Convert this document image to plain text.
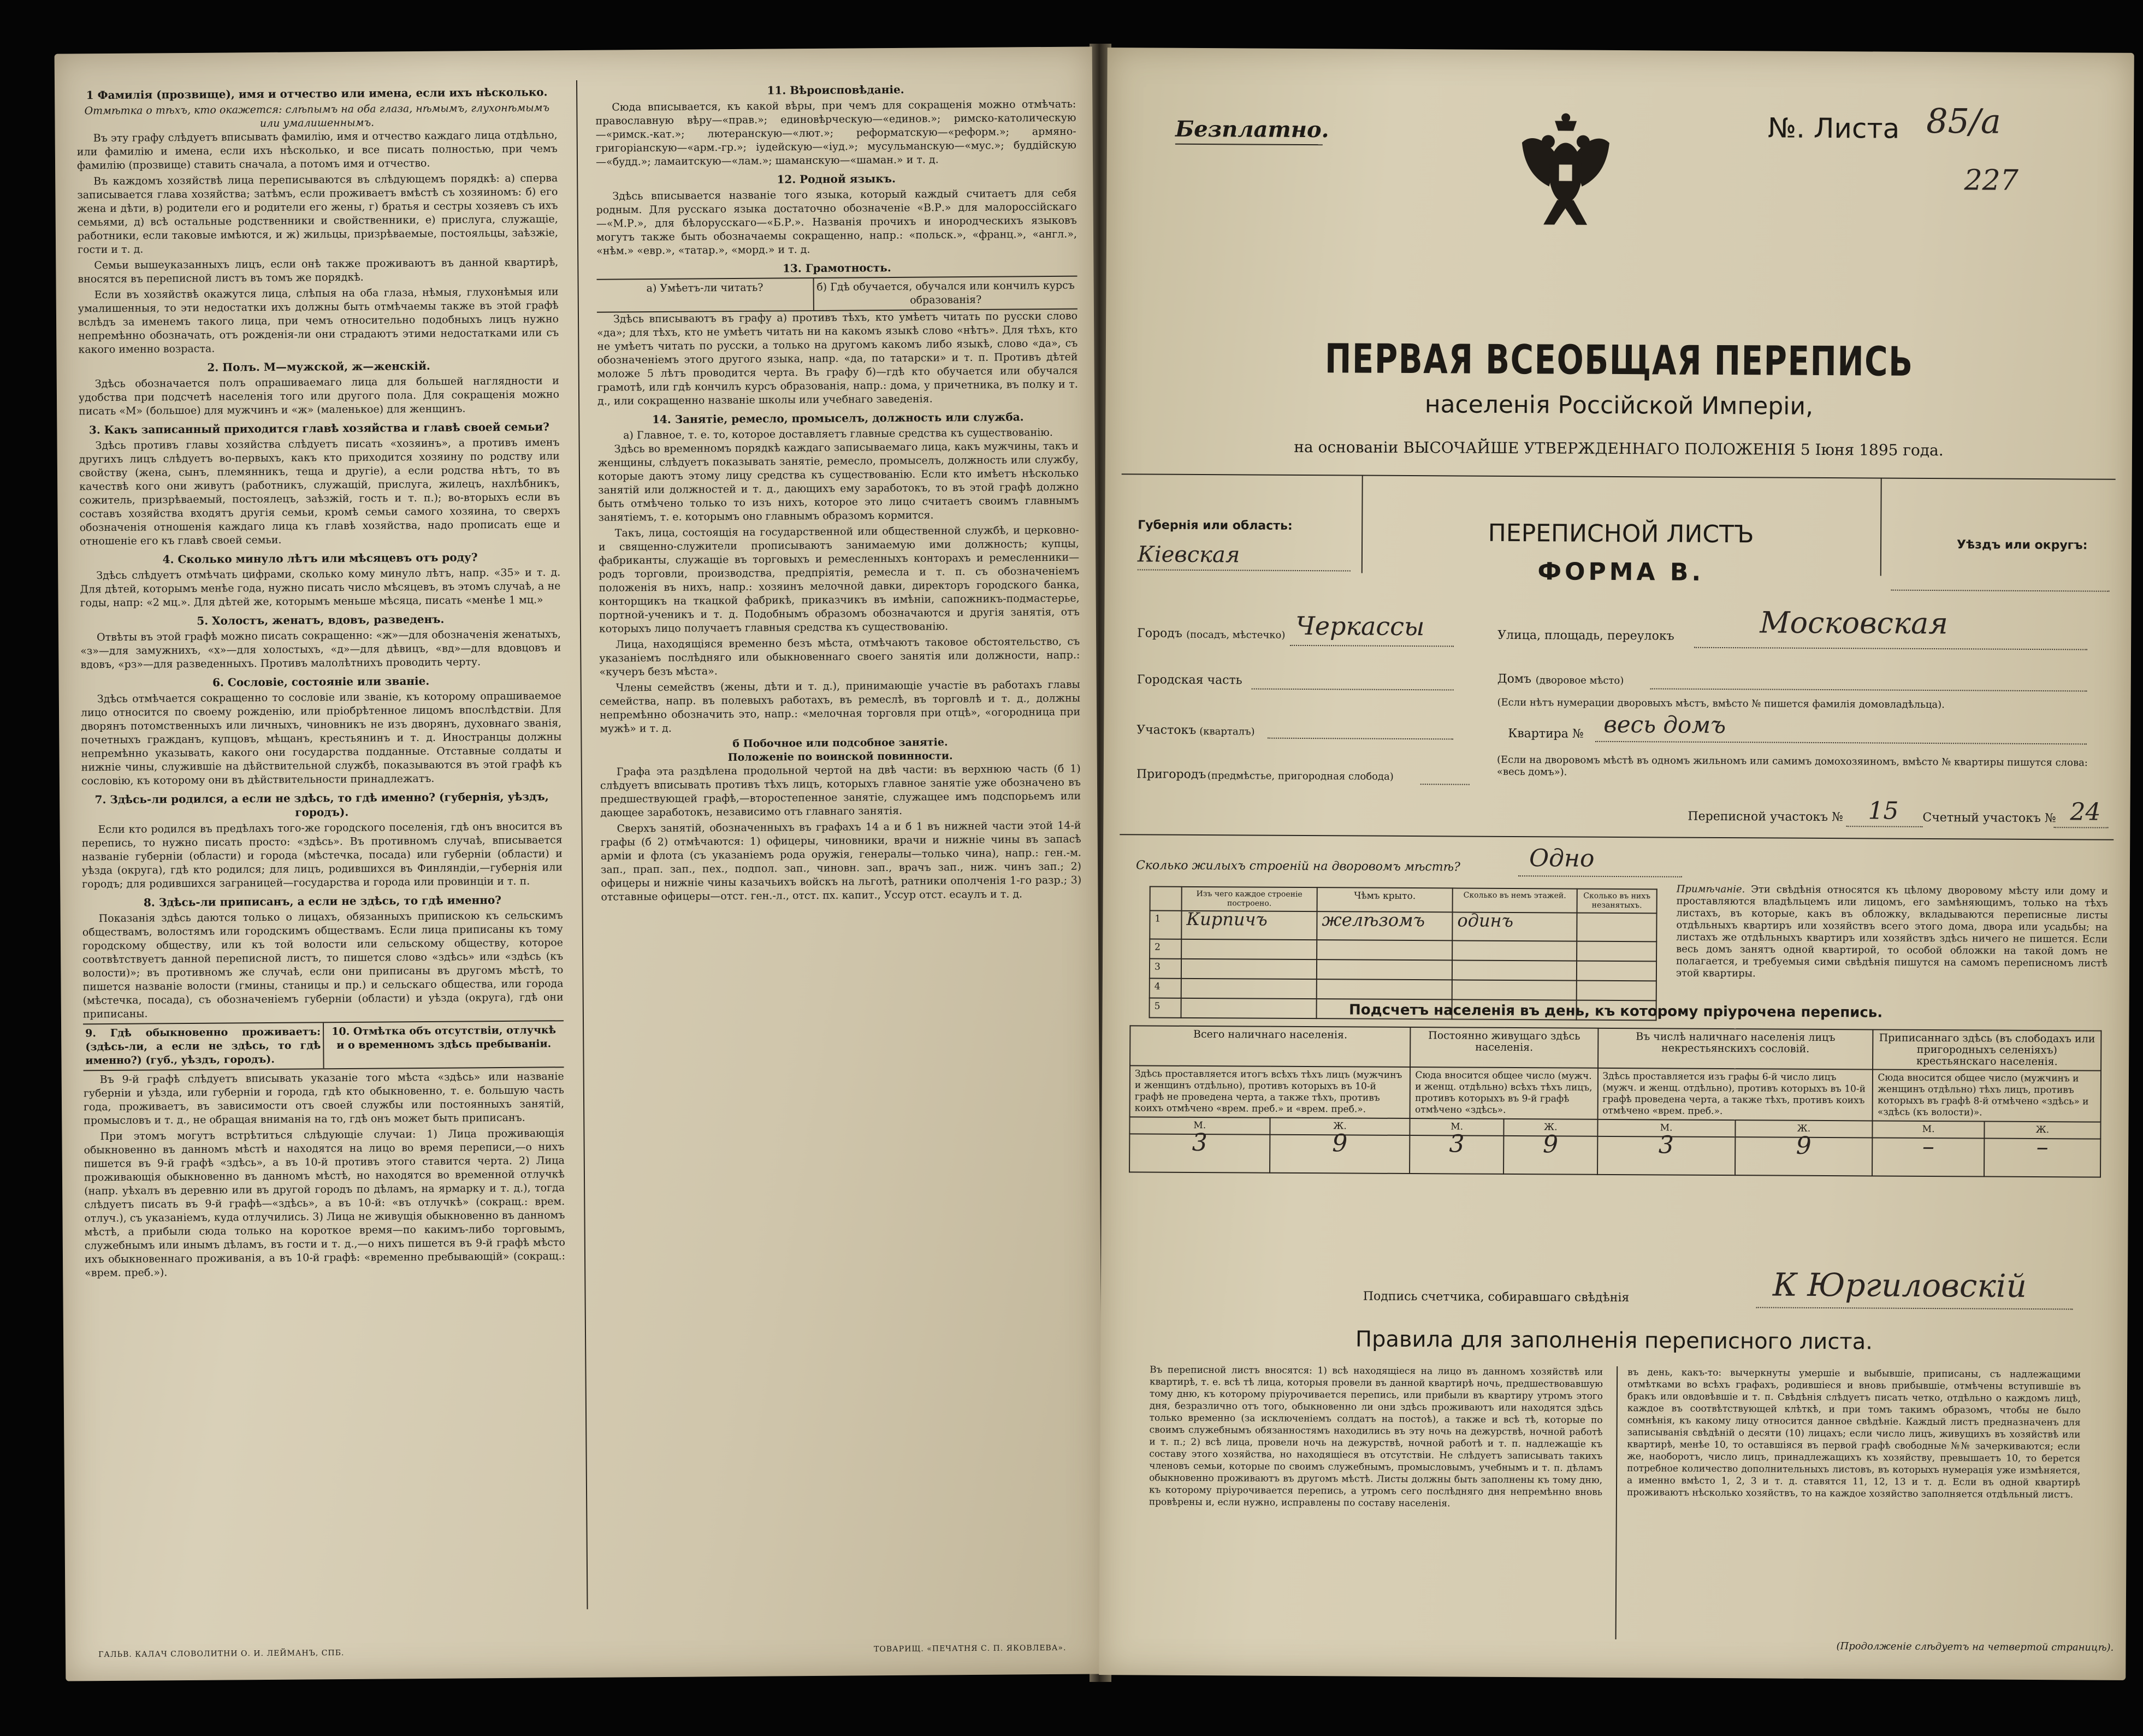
1 Фамилія (прозвище), имя и отчество или имена, если ихъ нѣсколько.
Отмѣтка о тѣхъ, кто окажется: слѣпымъ на оба глаза, нѣмымъ, глухонѣмымъ или умалишеннымъ.

Въ эту графу слѣдуетъ вписывать фамилію, имя и отчество каждаго лица отдѣльно, или фамилію и имена, если ихъ нѣсколько, и все писать полностью, при чемъ фамилію (прозвище) ставить сначала, а потомъ имя и отчество.

Въ каждомъ хозяйствѣ лица переписываются въ слѣдующемъ порядкѣ: а) сперва записывается глава хозяйства; затѣмъ, если проживаетъ вмѣстѣ съ хозяиномъ: б) его жена и дѣти, в) родители его и родители его жены, г) братья и сестры хозяевъ съ ихъ семьями, д) всѣ остальные родственники и свойственники, е) прислуга, служащіе, работники, если таковые имѣются, и ж) жильцы, призрѣваемые, постояльцы, заѣзжіе, гости и т. д.

Семьи вышеуказанныхъ лицъ, если онѣ также проживаютъ въ данной квартирѣ, вносятся въ переписной листъ въ томъ же порядкѣ.

Если въ хозяйствѣ окажутся лица, слѣпыя на оба глаза, нѣмыя, глухонѣмыя или умалишенныя, то эти недостатки ихъ должны быть отмѣчаемы также въ этой графѣ вслѣдъ за именемъ такого лица, при чемъ относительно подобныхъ лицъ нужно непремѣнно обозначать, отъ рожденія-ли они страдаютъ этими недостатками или съ какого именно возраста.

2. Полъ. М—мужской, ж—женскій.

Здѣсь обозначается полъ опрашиваемаго лица для большей наглядности и удобства при подсчетѣ населенія того или другого пола. Для сокращенія можно писать «М» (большое) для мужчинъ и «ж» (маленькое) для женщинъ.

3. Какъ записанный приходится главѣ хозяйства и главѣ своей семьи?

Здѣсь противъ главы хозяйства слѣдуетъ писать «хозяинъ», а противъ именъ другихъ лицъ слѣдуетъ во-первыхъ, какъ кто приходится хозяину по родству или свойству (жена, сынъ, племянникъ, теща и другіе), а если родства нѣтъ, то въ качествѣ кого они живутъ (работникъ, служащій, прислуга, жилецъ, нахлѣбникъ, сожитель, призрѣваемый, постоялецъ, заѣзжій, гость и т. п.); во-вторыхъ если въ составъ хозяйства входятъ другія семьи, кромѣ семьи самого хозяина, то сверхъ обозначенія отношенія каждаго лица къ главѣ хозяйства, надо прописать еще и отношеніе его къ главѣ своей семьи.

4. Сколько минуло лѣтъ или мѣсяцевъ отъ роду?

Здѣсь слѣдуетъ отмѣчать цифрами, сколько кому минуло лѣтъ, напр. «35» и т. д. Для дѣтей, которымъ менѣе года, нужно писать число мѣсяцевъ, въ этомъ случаѣ, а не годы, напр: «2 мц.». Для дѣтей же, которымъ меньше мѣсяца, писать «менѣе 1 мц.»

5. Холостъ, женатъ, вдовъ, разведенъ.

Отвѣты въ этой графѣ можно писать сокращенно: «ж»—для обозначенія женатыхъ, «з»—для замужнихъ, «х»—для холостыхъ, «д»—для дѣвицъ, «вд»—для вдовцовъ и вдовъ, «рз»—для разведенныхъ. Противъ малолѣтнихъ проводить черту.

6. Сословіе, состояніе или званіе.

Здѣсь отмѣчается сокращенно то сословіе или званіе, къ которому опрашиваемое лицо относится по своему рожденію, или пріобрѣтенное лицомъ впослѣдствіи. Для дворянъ потомственныхъ или личныхъ, чиновникъ не изъ дворянъ, духовнаго званія, почетныхъ гражданъ, купцовъ, мѣщанъ, крестьянинъ и т. д. Иностранцы должны непремѣнно указывать, какого они государства подданные. Отставные солдаты и нижніе чины, служившіе на дѣйствительной службѣ, показываются въ этой графѣ къ сословію, къ которому они въ дѣйствительности принадлежатъ.

7. Здѣсь-ли родился, а если не здѣсь, то гдѣ именно? (губернія, уѣздъ, городъ).

Если кто родился въ предѣлахъ того-же городского поселенія, гдѣ онъ вносится въ перепись, то нужно писать просто: «здѣсь». Въ противномъ случаѣ, вписывается названіе губерніи (области) и города (мѣстечка, посада) или губерніи (области) и уѣзда (округа), гдѣ кто родился; для лицъ, родившихся въ Финляндіи,—губернія или городъ; для родившихся заграницей—государства и города или провинціи и т. п.

8. Здѣсь-ли приписанъ, а если не здѣсь, то гдѣ именно?

Показанія здѣсь даются только о лицахъ, обязанныхъ припискою къ сельскимъ обществамъ, волостямъ или городскимъ обществамъ. Если лица приписаны къ тому городскому обществу, или къ той волости или сельскому обществу, которое соотвѣтствуетъ данной переписной листъ, то пишется слово «здѣсь» или «здѣсь (къ волости)»; въ противномъ же случаѣ, если они приписаны въ другомъ мѣстѣ, то пишется названіе волости (гмины, станицы и пр.) и сельскаго общества, или города (мѣстечка, посада), съ обозначеніемъ губерніи (области) и уѣзда (округа), гдѣ они приписаны.

9. Гдѣ обыкновенно проживаетъ: (здѣсь-ли, а если не здѣсь, то гдѣ именно?) (губ., уѣздъ, городъ).
10. Отмѣтка объ отсутствіи, отлучкѣ и о временномъ здѣсь пребываніи.

Въ 9-й графѣ слѣдуетъ вписывать указаніе того мѣста «здѣсь» или названіе губерніи и уѣзда, или губерніи и города, гдѣ кто обыкновенно, т. е. большую часть года, проживаетъ, въ зависимости отъ своей службы или постоянныхъ занятій, промысловъ и т. д., не обращая вниманія на то, гдѣ онъ может быть приписанъ.

При этомъ могутъ встрѣтиться слѣдующіе случаи: 1) Лица проживающія обыкновенно въ данномъ мѣстѣ и находятся на лицо во время переписи,—о нихъ пишется въ 9-й графѣ «здѣсь», а въ 10-й противъ этого ставится черта. 2) Лица проживающія обыкновенно въ данномъ мѣстѣ, но находятся во временной отлучкѣ (напр. уѣхалъ въ деревню или въ другой городъ по дѣламъ, на ярмарку и т. д.), тогда слѣдуетъ писать въ 9-й графѣ—«здѣсь», а въ 10-й: «въ отлучкѣ» (сокращ.: врем. отлуч.), съ указаніемъ, куда отлучились. 3) Лица не живущія обыкновенно въ данномъ мѣстѣ, а прибыли сюда только на короткое время—по какимъ-либо торговымъ, служебнымъ или инымъ дѣламъ, въ гости и т. д.,—о нихъ пишется въ 9-й графѣ мѣсто ихъ обыкновеннаго проживанія, а въ 10-й графѣ: «временно пребывающій» (сокращ.: «врем. преб.»).

11. Вѣроисповѣданіе.

Сюда вписывается, къ какой вѣры, при чемъ для сокращенія можно отмѣчать: православную вѣру—«прав.»; единовѣрческую—«единов.»; римско-католическую—«римск.-кат.»; лютеранскую—«лют.»; реформатскую—«реформ.»; армяно-григоріанскую—«арм.-гр.»; іудейскую—«іуд.»; мусульманскую—«мус.»; буддійскую—«будд.»; ламаитскую—«лам.»; шаманскую—«шаман.» и т. д.

12. Родной языкъ.

Здѣсь вписывается названіе того языка, который каждый считаетъ для себя родным. Для русскаго языка достаточно обозначеніе «В.Р.» для малороссійскаго—«М.Р.», для бѣлорусскаго—«Б.Р.». Названія прочихъ и инородческихъ языковъ могутъ также быть обозначаемы сокращенно, напр.: «польск.», «франц.», «англ.», «нѣм.» «евр.», «татар.», «морд.» и т. д.

13. Грамотность.
а) Умѣетъ-ли читать?	б) Гдѣ обучается, обучался или кончилъ курсъ образованія?

Здѣсь вписываютъ въ графу а) противъ тѣхъ, кто умѣетъ читать по русски слово «да»; для тѣхъ, кто не умѣетъ читать ни на какомъ языкѣ слово «нѣтъ». Для тѣхъ, кто не умѣетъ читать по русски, а только на другомъ какомъ либо языкѣ, слово «да», съ обозначеніемъ этого другого языка, напр. «да, по татарски» и т. п. Противъ дѣтей моложе 5 лѣтъ проводится черта. Въ графу б)—гдѣ кто обучается или обучался грамотѣ, или гдѣ кончилъ курсъ образованія, напр.: дома, у причетника, въ полку и т. д., или сокращенно названіе школы или учебнаго заведенія.

14. Занятіе, ремесло, промыселъ, должность или служба.
а) Главное, т. е. то, которое доставляетъ главные средства къ существованію.

Здѣсь во временномъ порядкѣ каждаго записываемаго лица, какъ мужчины, такъ и женщины, слѣдуетъ показывать занятіе, ремесло, промыселъ, должность или службу, которые даютъ этому лицу средства къ существованію. Если кто имѣетъ нѣсколько занятій или должностей и т. д., дающихъ ему заработокъ, то въ этой графѣ должно быть отмѣчено только то изъ нихъ, которое это лицо считаетъ своимъ главнымъ занятіемъ, т. е. которымъ оно главнымъ образомъ кормится.

Такъ, лица, состоящія на государственной или общественной службѣ, и церковно- и священно-служители прописываютъ занимаемую ими должность; купцы, фабриканты, служащіе въ торговыхъ и ремесленныхъ конторахъ и ремесленники—родъ торговли, производства, предпріятія, ремесла и т. п. съ обозначеніемъ положенія въ нихъ, напр.: хозяинъ мелочной давки, директоръ городского банка, конторщикъ на ткацкой фабрикѣ, приказчикъ въ имѣніи, сапожникъ-подмастерье, портной-ученикъ и т. д. Подобнымъ образомъ обозначаются и другія занятія, отъ которыхъ лицо получаетъ главныя средства къ существованію.

Лица, находящіяся временно безъ мѣста, отмѣчаютъ таковое обстоятельство, съ указаніемъ послѣдняго или обыкновеннаго своего занятія или должности, напр.: «кучеръ безъ мѣста».

Члены семействъ (жены, дѣти и т. д.), принимающіе участіе въ работахъ главы семейства, напр. въ полевыхъ работахъ, въ ремеслѣ, въ торговлѣ и т. д., должны непремѣнно обозначить это, напр.: «мелочная торговля при отцѣ», «огородница при мужѣ» и т. д.

б Побочное или подсобное занятіе.
Положеніе по воинской повинности.

Графа эта раздѣлена продольной чертой на двѣ части: въ верхнюю часть (б 1) слѣдуетъ вписывать противъ тѣхъ лицъ, которыхъ главное занятіе уже обозначено въ предшествующей графѣ,—второстепенное занятіе, служащее имъ подспорьемъ или дающее заработокъ, независимо отъ главнаго занятія.

Сверхъ занятій, обозначенныхъ въ графахъ 14 а и б 1 въ нижней части этой 14-й графы (б 2) отмѣчаются: 1) офицеры, чиновники, врачи и нижніе чины въ запасѣ арміи и флота (съ указаніемъ рода оружія, генералы—только чина), напр.: ген.-м. зап., прап. зап., пех., подпол. зап., чиновн. зап., врачъ зап., ниж. чинъ зап.; 2) офицеры и нижніе чины казачьихъ войскъ на льготѣ, ратники ополченія 1-го разр.; 3) отставные офицеры—отст. ген.-л., отст. пх. капит., Уссур отст. есаулъ и т. д.

ГАЛЬВ. КАЛАЧ СЛОВОЛИТНИ О. И. ЛЕЙМАНЪ, СПБ.	ТОВАРИЩ. «ПЕЧАТНЯ С. П. ЯКОВЛЕВА».
Безплатно.	№. Листа 85/а
227
ПЕРВАЯ ВСЕОБЩАЯ ПЕРЕПИСЬ
населенія Россійской Имперіи,
на основаніи ВЫСОЧАЙШЕ УТВЕРЖДЕННАГО ПОЛОЖЕНІЯ 5 Іюня 1895 года.
Губернія или область:
Кіевская
ПЕРЕПИСНОЙ ЛИСТЪ
ФОРМА В.
Уѣздъ или округъ:
Городъ (посадъ, мѣстечко) Черкассы	Улица, площадь, переулокъ	Московская
Городская часть	Домъ (дворовое мѣсто)
(Если нѣтъ нумерации дворовыхъ мѣстъ, вмѣсто № пишется фамилія домовладѣльца).
Участокъ (кварталъ)	Квартира № весь домъ
Пригородъ (предмѣстье, пригородная слобода)
(Если на дворовомъ мѣстѣ въ одномъ жильномъ или самимъ домохозяиномъ, вмѣсто № квартиры пишутся слова: «весь домъ»).
Переписной участокъ № 15 Счетный участокъ № 24
Сколько жилыхъ строеній на дворовомъ мѣстѣ?	Одно
	Изъ чего каждое строеніе построено.	Чѣмъ крыто.	Сколько въ немъ этажей.	Сколько въ нихъ незанятыхъ.
1	Кирпичъ	желѣзомъ	одинъ	
2				
3				
4				
5				
Примѣчаніе. Эти свѣдѣнія относятся къ цѣлому дворовому мѣсту или дому и проставляются владѣльцемъ или лицомъ, его замѣняющимъ, только на тѣхъ листахъ, въ которые, какъ въ обложку, вкладываются переписные листы отдѣльныхъ квартиръ или хозяйствъ всего этого дома, двора или усадьбы; на листахъ же отдѣльныхъ квартиръ или хозяйствъ здѣсь ничего не пишется. Если весь домъ занятъ одной квартирой, то особой обложки на такой домъ не полагается, и требуемыя сими свѣдѣнія пишутся на самомъ переписномъ листѣ этой квартиры.
Подсчетъ населенія въ день, къ которому пріурочена перепись.
Всего наличнаго населенія.		Постоянно живущаго здѣсь населенія.		Въ числѣ наличнаго населенія лицъ некрестьянскихъ сословій.		Приписаннаго здѣсь (въ слободахъ или пригородныхъ селеніяхъ) крестьянскаго населенія.	
Здѣсь проставляется итогъ всѣхъ тѣхъ лицъ (мужчинъ и женщинъ отдѣльно), противъ которыхъ въ 10-й графѣ не проведена черта, а также тѣхъ, противъ коихъ отмѣчено «врем. преб.» и «врем. преб.».		Сюда вносится общее число (мужч. и женщ. отдѣльно) всѣхъ тѣхъ лицъ, противъ которыхъ въ 9-й графѣ отмѣчено «здѣсь».		Здѣсь проставляется изъ графы 6-й число лицъ (мужч. и женщ. отдѣльно), противъ которыхъ въ 10-й графѣ проведена черта, а также тѣхъ, противъ коихъ отмѣчено «врем. преб.».		Сюда вносится общее число (мужчинъ и женщинъ отдѣльно) тѣхъ лицъ, противъ которыхъ въ графѣ 8-й отмѣчено «здѣсь» и «здѣсь (къ волости)».	
М.	Ж.	М.	Ж.	М.	Ж.	М.	Ж.
3	9	3	9	3	9	–	–
Подпись счетчика, собиравшаго свѣдѣнія	К Юргиловскій
Правила для заполненія переписного листа.
Въ переписной листъ вносятся: 1) всѣ находящіеся на лицо въ данномъ хозяйствѣ или квартирѣ, т. е. всѣ тѣ лица, которыя провели въ данной квартирѣ ночь, предшествовавшую тому дню, къ которому пріурочивается перепись, или прибыли въ квартиру утромъ этого дня, безразлично отъ того, обыкновенно ли они здѣсь проживаютъ или находятся здѣсь только временно (за исключеніемъ солдатъ на постоѣ), а также и всѣ тѣ, которые по своимъ служебнымъ обязанностямъ находились въ эту ночь на дежурствѣ, ночной работѣ и т. п.; 2) всѣ лица, провели ночь на дежурствѣ, ночной работѣ и т. п. надлежащіе къ составу этого хозяйства, но находящіеся въ отсутствіи. Не слѣдуетъ записывать такихъ членовъ семьи, которые по своимъ служебнымъ, промысловымъ, учебнымъ и т. п. дѣламъ обыкновенно проживаютъ въ другомъ мѣстѣ. Листы должны быть заполнены къ тому дню, къ которому пріурочивается перепись, а утромъ сего послѣдняго дня непремѣнно вновь провѣрены и, если нужно, исправлены по составу населенія.
въ день, какъ-то: вычеркнуты умершіе и выбывшіе, приписаны, съ надлежащими отмѣтками во всѣхъ графахъ, родившіеся и вновь прибывшіе, отмѣчены вступившіе въ бракъ или овдовѣвшіе и т. п. Свѣдѣнія слѣдуетъ писать четко, отдѣльно о каждомъ лицѣ, каждое въ соотвѣтствующей клѣткѣ, и при томъ такимъ образомъ, чтобы не было сомнѣнія, къ какому лицу относится данное свѣдѣніе. Каждый листъ предназначенъ для записыванія свѣдѣній о десяти (10) лицахъ; если число лицъ, живущихъ въ хозяйствѣ или квартирѣ, менѣе 10, то оставшіяся въ первой графѣ свободные №№ зачеркиваются; если же, наоборотъ, число лицъ, принадлежащихъ къ хозяйству, превышаетъ 10, то берется потребное количество дополнительныхъ листовъ, въ которыхъ нумерація уже измѣняется, а именно вмѣсто 1, 2, 3 и т. д. ставятся 11, 12, 13 и т. д. Если въ одной квартирѣ проживаютъ нѣсколько хозяйствъ, то на каждое хозяйство заполняется отдѣльный листъ.
(Продолженіе слѣдуетъ на четвертой страницѣ).
